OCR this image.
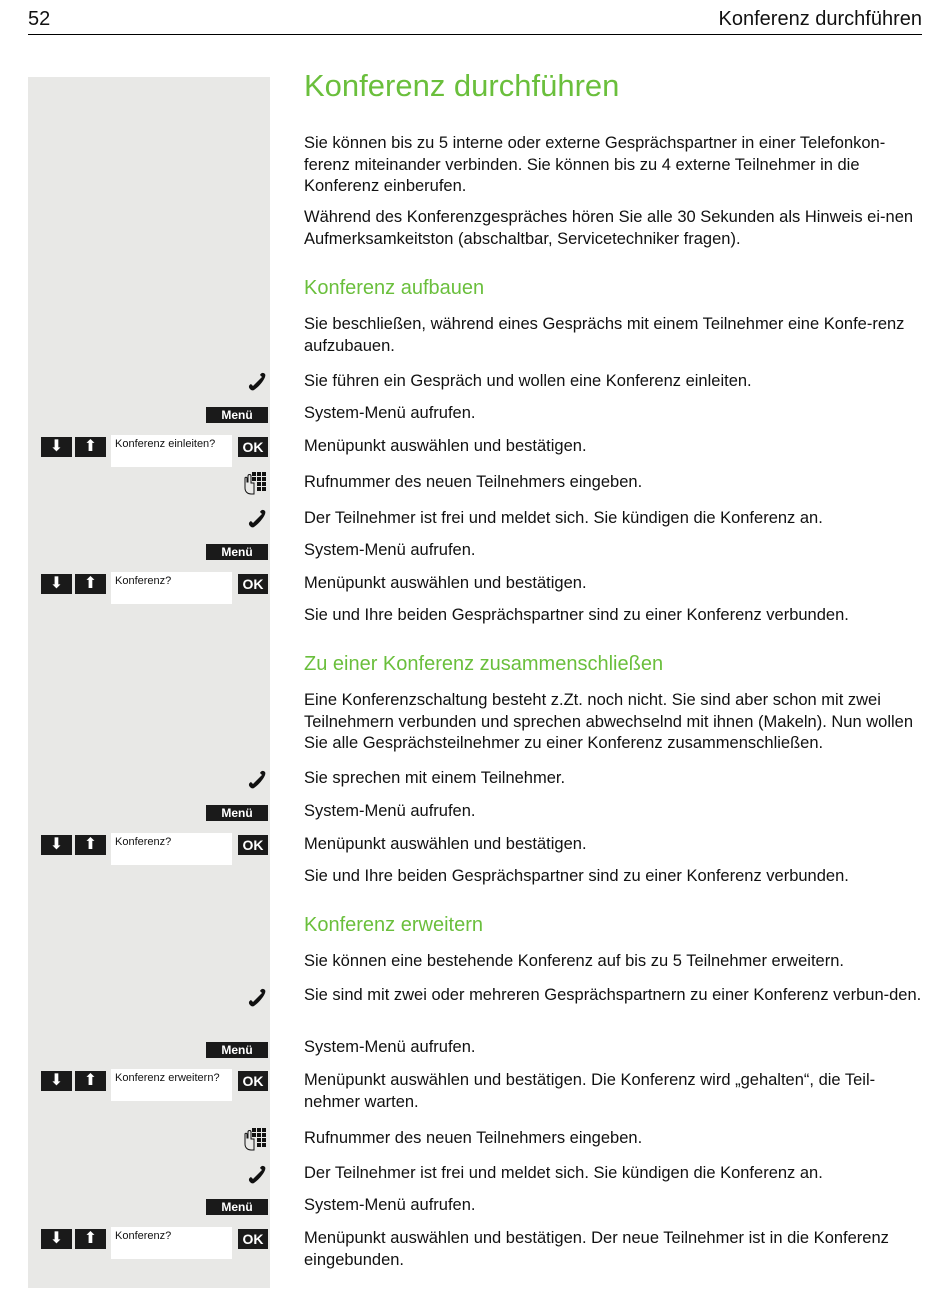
52	Konferenz durchführen
Konferenz durchführen
Sie können bis zu 5 interne oder externe Gesprächspartner in einer Telefonkon-ferenz miteinander verbinden. Sie können bis zu 4 externe Teilnehmer in die Konferenz einberufen.
Während des Konferenzgespräches hören Sie alle 30 Sekunden als Hinweis ei-nen Aufmerksamkeitston (abschaltbar, Servicetechniker fragen).
Konferenz aufbauen
Sie beschließen, während eines Gesprächs mit einem Teilnehmer eine Konfe-renz aufzubauen.
Sie führen ein Gespräch und wollen eine Konferenz einleiten.
Menü	System-Menü aufrufen.
⬇	⬆	Konferenz einleiten?	OK Menüpunkt auswählen und bestätigen.
Rufnummer des neuen Teilnehmers eingeben.
Der Teilnehmer ist frei und meldet sich. Sie kündigen die Konferenz an.
Menü	System-Menü aufrufen.
⬇	⬆	Konferenz?	OK Menüpunkt auswählen und bestätigen.
Sie und Ihre beiden Gesprächspartner sind zu einer Konferenz verbunden.
Zu einer Konferenz zusammenschließen
Eine Konferenzschaltung besteht z.Zt. noch nicht. Sie sind aber schon mit zwei Teilnehmern verbunden und sprechen abwechselnd mit ihnen (Makeln). Nun wollen Sie alle Gesprächsteilnehmer zu einer Konferenz zusammenschließen.
Sie sprechen mit einem Teilnehmer.
Menü	System-Menü aufrufen.
⬇	⬆	Konferenz?	OK Menüpunkt auswählen und bestätigen.
Sie und Ihre beiden Gesprächspartner sind zu einer Konferenz verbunden.
Konferenz erweitern
Sie können eine bestehende Konferenz auf bis zu 5 Teilnehmer erweitern.
Sie sind mit zwei oder mehreren Gesprächspartnern zu einer Konferenz verbun-den.
Menü	System-Menü aufrufen.
⬇	⬆	Konferenz erweitern?	OK Menüpunkt auswählen und bestätigen. Die Konferenz wird „gehalten“, die Teil-nehmer warten.
Rufnummer des neuen Teilnehmers eingeben.
Der Teilnehmer ist frei und meldet sich. Sie kündigen die Konferenz an.
Menü	System-Menü aufrufen.
⬇	⬆	Konferenz?	OK Menüpunkt auswählen und bestätigen. Der neue Teilnehmer ist in die Konferenz eingebunden.
